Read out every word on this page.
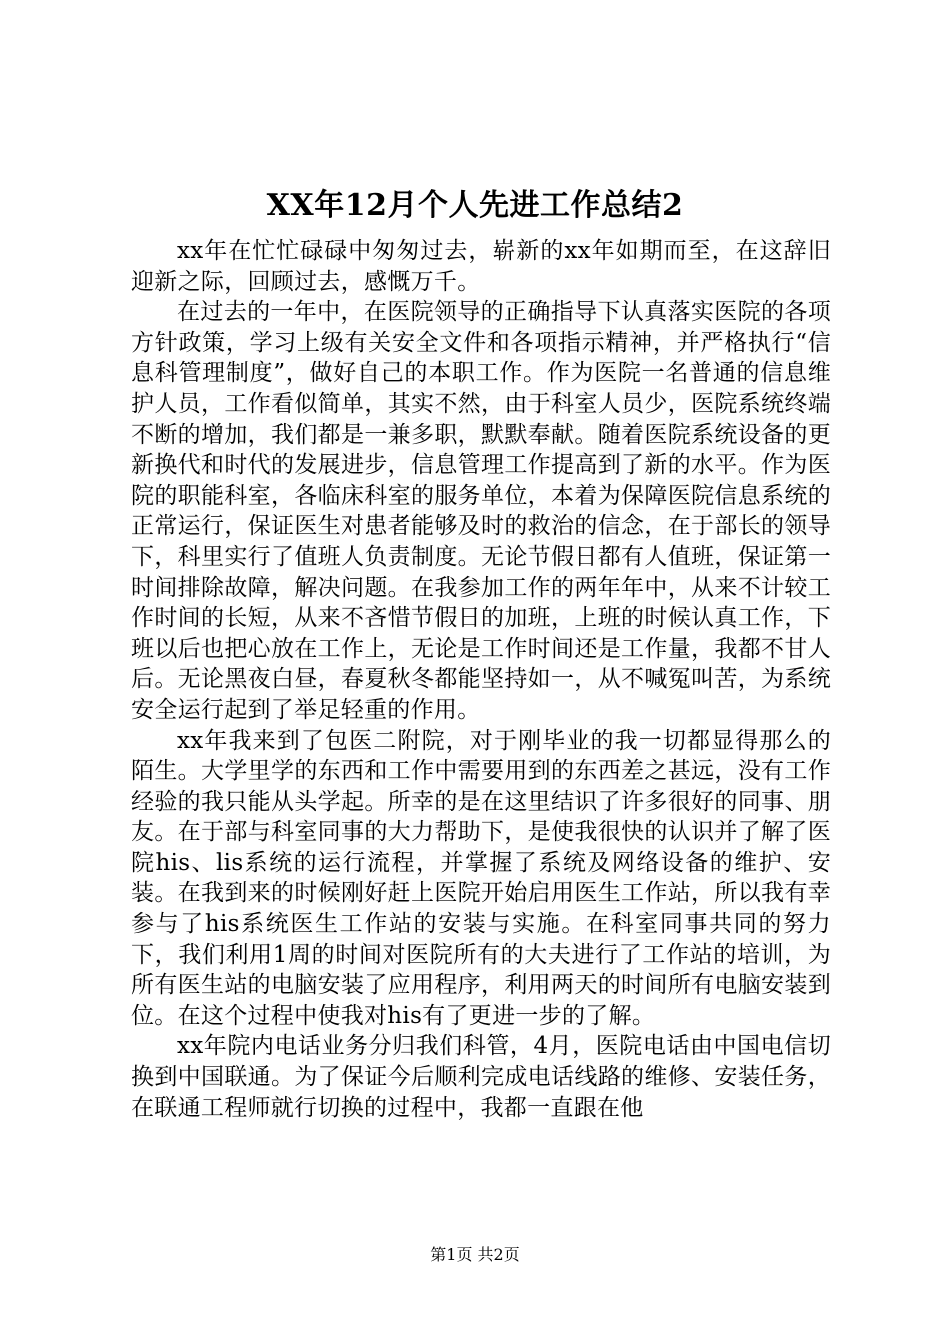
XX年12月个人先进工作总结2

xx年在忙忙碌碌中匆匆过去，崭新的xx年如期而至，在这辞旧迎新之际，回顾过去，感慨万千。

在过去的一年中，在医院领导的正确指导下认真落实医院的各项方针政策，学习上级有关安全文件和各项指示精神，并严格执行“信息科管理制度”，做好自己的本职工作。作为医院一名普通的信息维护人员，工作看似简单，其实不然，由于科室人员少，医院系统终端不断的增加，我们都是一兼多职，默默奉献。随着医院系统设备的更新换代和时代的发展进步，信息管理工作提高到了新的水平。作为医院的职能科室，各临床科室的服务单位，本着为保障医院信息系统的正常运行，保证医生对患者能够及时的救治的信念，在于部长的领导下，科里实行了值班人负责制度。无论节假日都有人值班，保证第一时间排除故障，解决问题。在我参加工作的两年年中，从来不计较工作时间的长短，从来不吝惜节假日的加班，上班的时候认真工作，下班以后也把心放在工作上，无论是工作时间还是工作量，我都不甘人后。无论黑夜白昼，春夏秋冬都能坚持如一，从不喊冤叫苦，为系统安全运行起到了举足轻重的作用。

xx年我来到了包医二附院，对于刚毕业的我一切都显得那么的陌生。大学里学的东西和工作中需要用到的东西差之甚远，没有工作经验的我只能从头学起。所幸的是在这里结识了许多很好的同事、朋友。在于部与科室同事的大力帮助下，是使我很快的认识并了解了医院his、lis系统的运行流程，并掌握了系统及网络设备的维护、安装。在我到来的时候刚好赶上医院开始启用医生工作站，所以我有幸参与了his系统医生工作站的安装与实施。在科室同事共同的努力下，我们利用1周的时间对医院所有的大夫进行了工作站的培训，为所有医生站的电脑安装了应用程序，利用两天的时间所有电脑安装到位。在这个过程中使我对his有了更进一步的了解。

xx年院内电话业务分归我们科管，4月，医院电话由中国电信切换到中国联通。为了保证今后顺利完成电话线路的维修、安装任务，在联通工程师就行切换的过程中，我都一直跟在他

第1页 共2页
